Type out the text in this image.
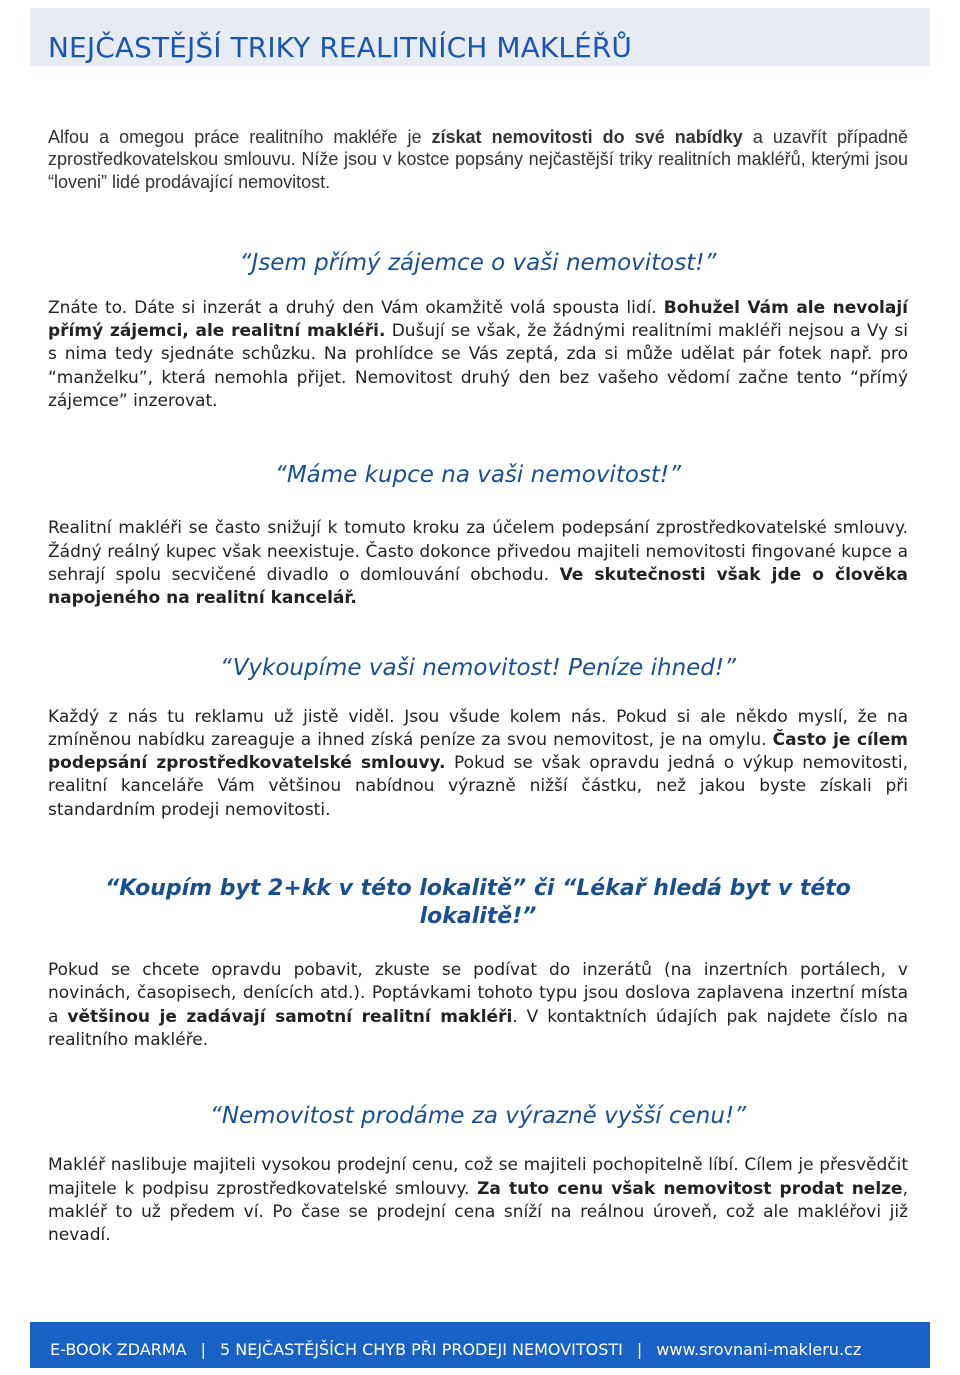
NEJČASTĚJŠÍ TRIKY REALITNÍCH MAKLÉŘŮ

Alfou a omegou práce realitního makléře je získat nemovitosti do své nabídky a uzavřít případně zprostředkovatelskou smlouvu. Níže jsou v kostce popsány nejčastější triky realitních makléřů, kterými jsou “loveni” lidé prodávající nemovitost.

“Jsem přímý zájemce o vaši nemovitost!”

Znáte to. Dáte si inzerát a druhý den Vám okamžitě volá spousta lidí. Bohužel Vám ale nevolají přímý zájemci, ale realitní makléři. Dušují se však, že žádnými realitními makléři nejsou a Vy si s nima tedy sjednáte schůzku. Na prohlídce se Vás zeptá, zda si může udělat pár fotek např. pro “manželku”, která nemohla přijet. Nemovitost druhý den bez vašeho vědomí začne tento “přímý zájemce” inzerovat.

“Máme kupce na vaši nemovitost!”

Realitní makléři se často snižují k tomuto kroku za účelem podepsání zprostředkovatelské smlouvy. Žádný reálný kupec však neexistuje. Často dokonce přivedou majiteli nemovitosti fingované kupce a sehrají spolu secvičené divadlo o domlouvání obchodu. Ve skutečnosti však jde o člověka napojeného na realitní kancelář.

“Vykoupíme vaši nemovitost! Peníze ihned!”

Každý z nás tu reklamu už jistě viděl. Jsou všude kolem nás. Pokud si ale někdo myslí, že na zmíněnou nabídku zareaguje a ihned získá peníze za svou nemovitost, je na omylu. Často je cílem podepsání zprostředkovatelské smlouvy. Pokud se však opravdu jedná o výkup nemovitosti, realitní kanceláře Vám většinou nabídnou výrazně nižší částku, než jakou byste získali při standardním prodeji nemovitosti.

“Koupím byt 2+kk v této lokalitě” či “Lékař hledá byt v této lokalitě!”

Pokud se chcete opravdu pobavit, zkuste se podívat do inzerátů (na inzertních portálech, v novinách, časopisech, denících atd.). Poptávkami tohoto typu jsou doslova zaplavena inzertní místa a většinou je zadávají samotní realitní makléři. V kontaktních údajích pak najdete číslo na realitního makléře.

“Nemovitost prodáme za výrazně vyšší cenu!”

Makléř naslibuje majiteli vysokou prodejní cenu, což se majiteli pochopitelně líbí. Cílem je přesvědčit majitele k podpisu zprostředkovatelské smlouvy. Za tuto cenu však nemovitost prodat nelze, makléř to už předem ví. Po čase se prodejní cena sníží na reálnou úroveň, což ale makléřovi již nevadí.

E-BOOK ZDARMA | 5 NEJČASTĚJŠÍCH CHYB PŘI PRODEJI NEMOVITOSTI | www.srovnani-makleru.cz
